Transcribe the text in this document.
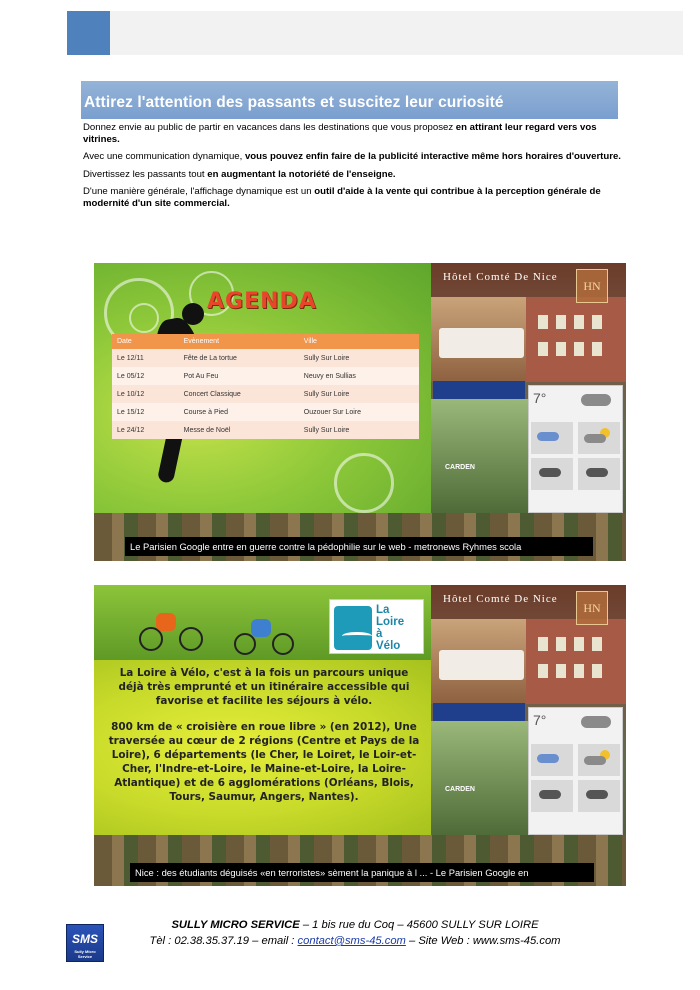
Attirez l'attention des passants et suscitez leur curiosité

Donnez envie au public de partir en vacances dans les destinations que vous proposez en attirant leur regard vers vos vitrines.

Avec une communication dynamique, vous pouvez enfin faire de la publicité interactive même hors horaires d'ouverture.

Divertissez les passants tout en augmentant la notoriété de l'enseigne.

D'une manière générale, l'affichage dynamique est un outil d'aide à la vente qui contribue à la perception générale de modernité d'un site commercial.

AGENDA
Date	Evènement	Ville
Le 12/11	Fête de La tortue	Sully Sur Loire
Le 05/12	Pot Au Feu	Neuvy en Sullias
Le 10/12	Concert Classique	Sully Sur Loire
Le 15/12	Course à Pied	Ouzouer Sur Loire
Le 24/12	Messe de Noël	Sully Sur Loire
Hôtel Comté De Nice
HN
CARDEN
7°
Le Parisien Google entre en guerre contre la pédophilie sur le web - metronews Ryhmes scola
La
Loire
à
Vélo
La Loire à Vélo, c'est à la fois un parcours unique déjà très emprunté et un itinéraire accessible qui favorise et facilite les séjours à vélo.
800 km de « croisière en roue libre » (en 2012), Une traversée au cœur de 2 régions (Centre et Pays de la Loire), 6 départements (le Cher, le Loiret, le Loir-et-Cher, l'Indre-et-Loire, le Maine-et-Loire, la Loire-Atlantique) et de 6 agglomérations (Orléans, Blois, Tours, Saumur, Angers, Nantes).
Hôtel Comté De Nice
HN
CARDEN
7°
Nice : des étudiants déguisés «en terroristes» sèment la panique à l ... - Le Parisien Google en
SMS
Sully Micro Service
SULLY MICRO SERVICE – 1 bis rue du Coq – 45600 SULLY SUR LOIRE
Tèl : 02.38.35.37.19 – email : contact@sms-45.com – Site Web : www.sms-45.com
